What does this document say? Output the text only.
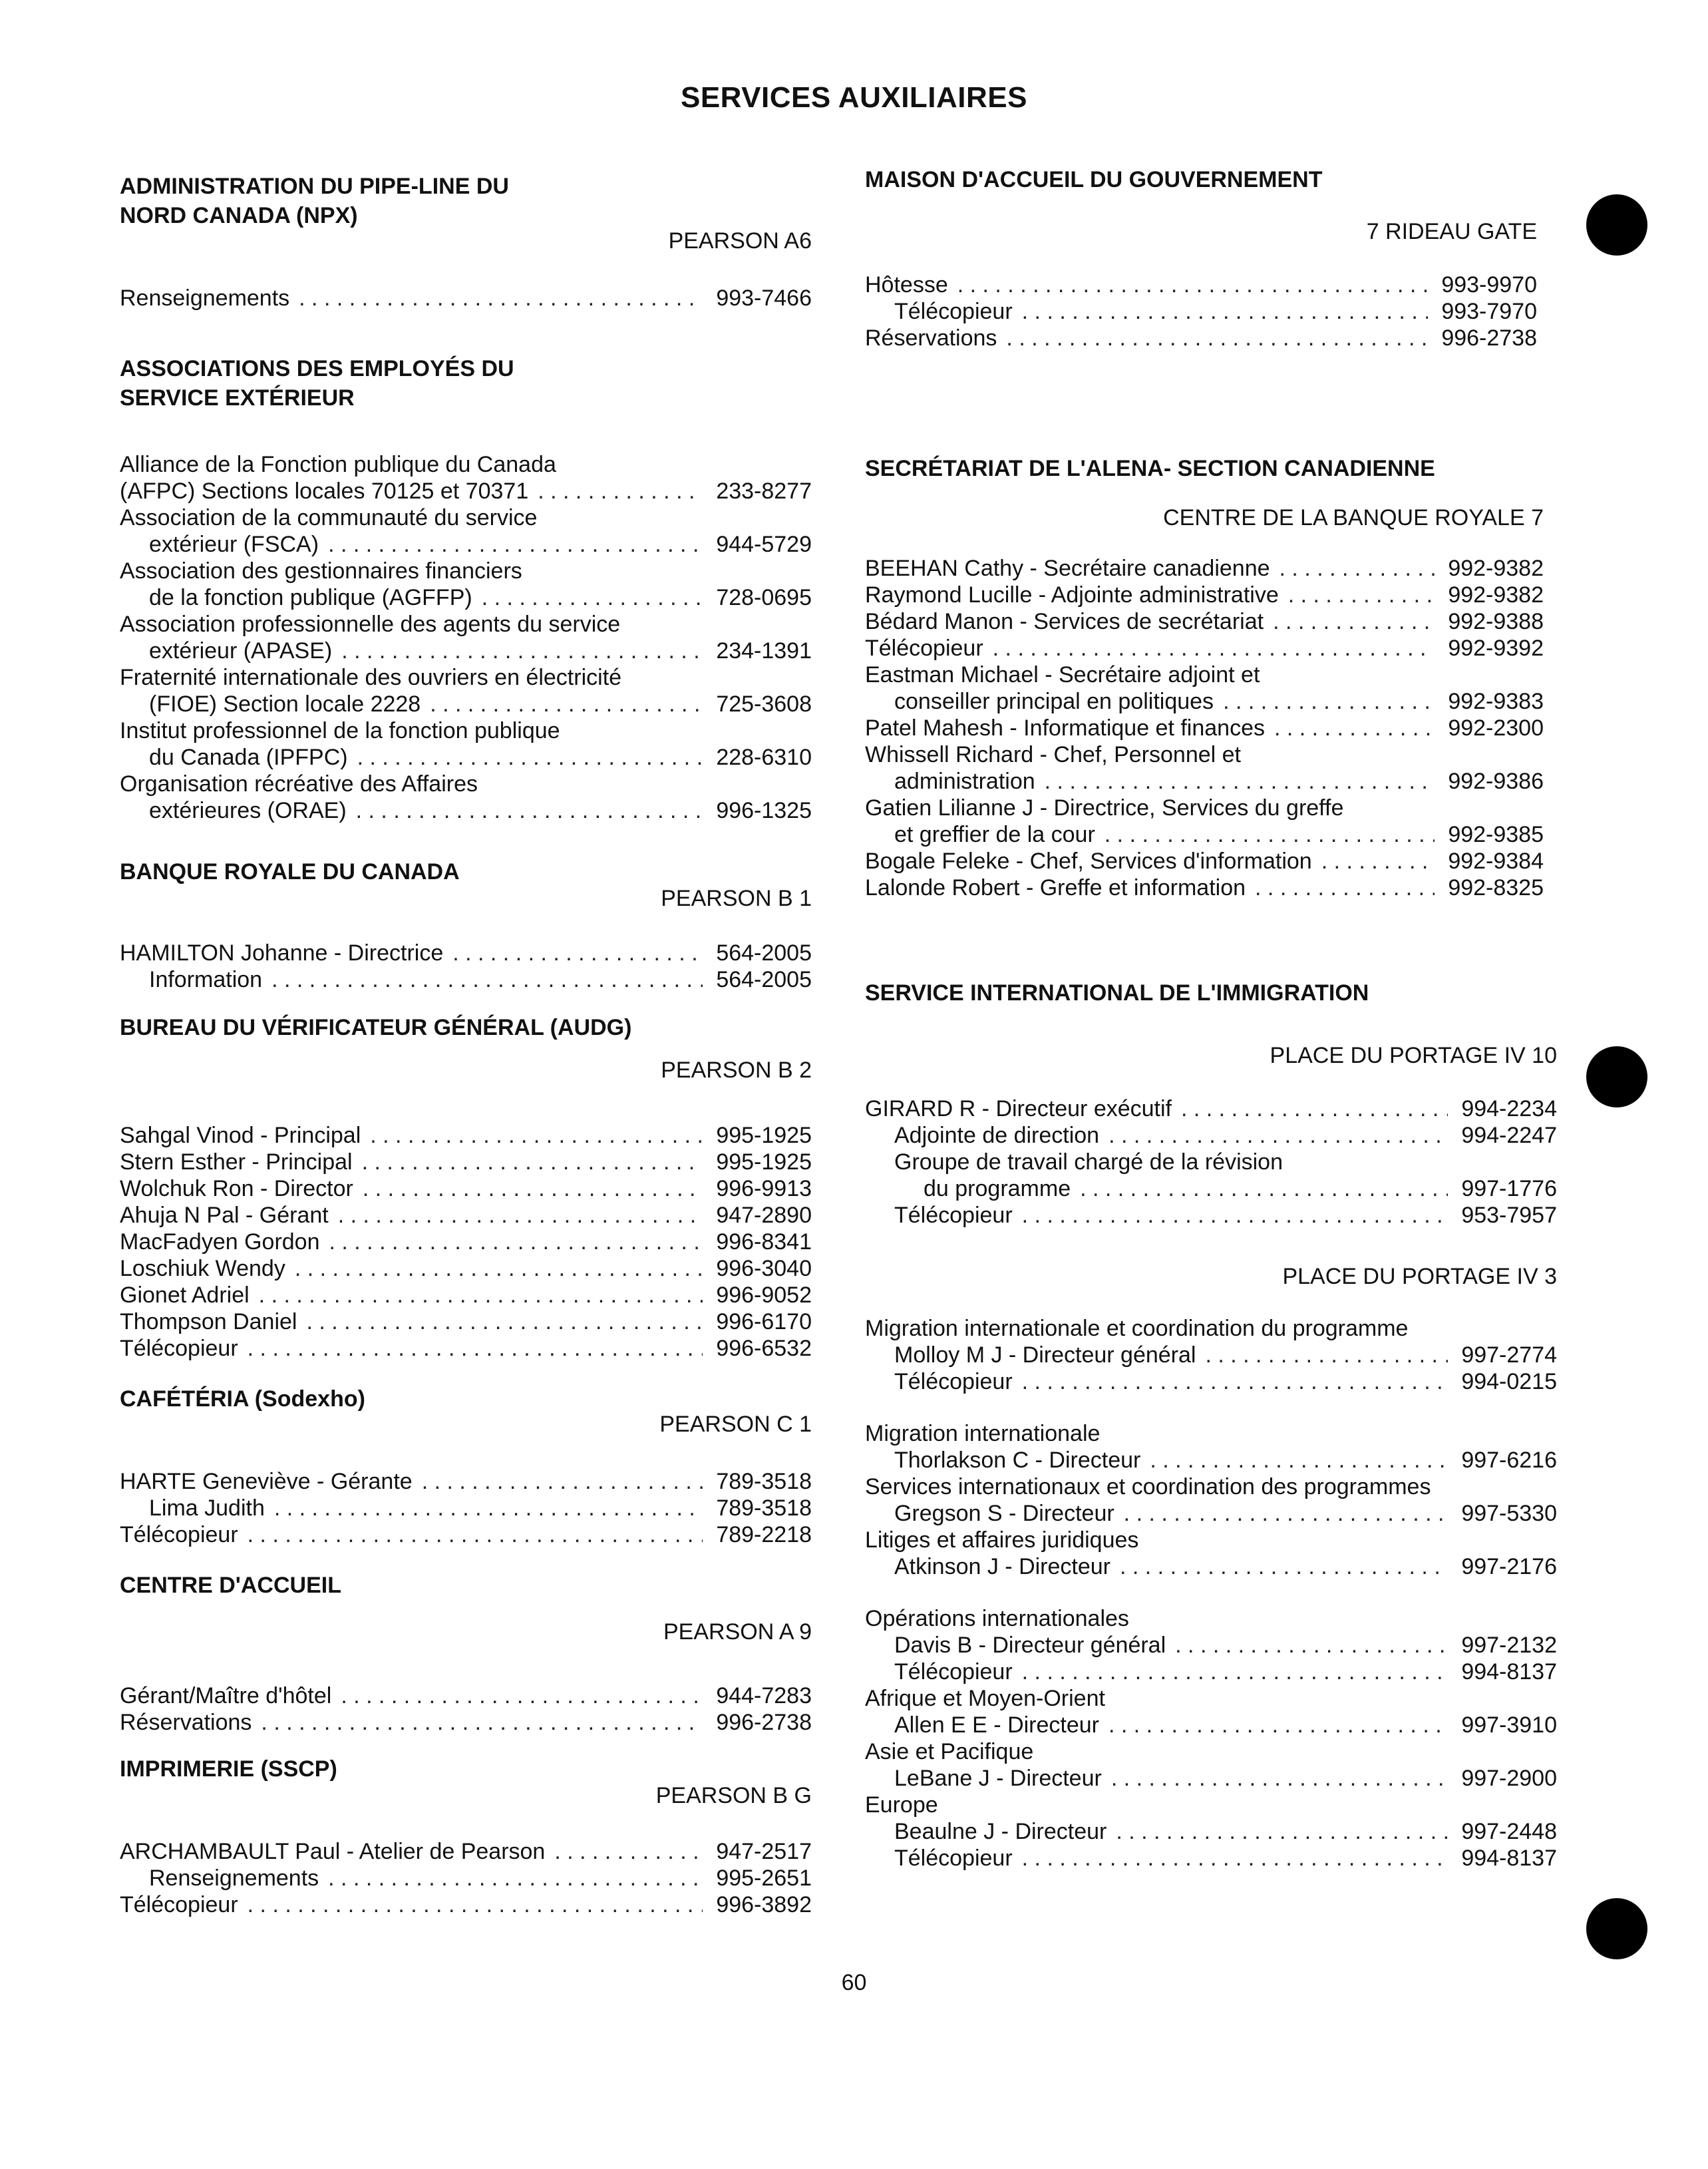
SERVICES AUXILIAIRES
ADMINISTRATION DU PIPE-LINE DU
NORD CANADA (NPX)
PEARSON A6
Renseignements . . .	993-7466
ASSOCIATIONS DES EMPLOYÉS DU
SERVICE EXTÉRIEUR
Alliance de la Fonction publique du Canada
(AFPC) Sections locales 70125 et 70371 . . .	233-8277
Association de la communauté du service
extérieur (FSCA) . . .	944-5729
Association des gestionnaires financiers
de la fonction publique (AGFFP) . . .	728-0695
Association professionnelle des agents du service
extérieur (APASE) . . .	234-1391
Fraternité internationale des ouvriers en électricité
(FIOE) Section locale 2228 . . .	725-3608
Institut professionnel de la fonction publique
du Canada (IPFPC) . . .	228-6310
Organisation récréative des Affaires
extérieures (ORAE) . . .	996-1325
BANQUE ROYALE DU CANADA
PEARSON B 1
HAMILTON Johanne - Directrice . . .	564-2005
Information . . .	564-2005
BUREAU DU VÉRIFICATEUR GÉNÉRAL (AUDG)
PEARSON B 2
Sahgal Vinod - Principal . . .	995-1925
Stern Esther - Principal . . .	995-1925
Wolchuk Ron - Director . . .	996-9913
Ahuja N Pal - Gérant . . .	947-2890
MacFadyen Gordon . . .	996-8341
Loschiuk Wendy . . .	996-3040
Gionet Adriel . . .	996-9052
Thompson Daniel . . .	996-6170
Télécopieur . . .	996-6532
CAFÉTÉRIA (Sodexho)
PEARSON C 1
HARTE Geneviève - Gérante . . .	789-3518
Lima Judith . . .	789-3518
Télécopieur . . .	789-2218
CENTRE D'ACCUEIL
PEARSON A 9
Gérant/Maître d'hôtel . . .	944-7283
Réservations . . .	996-2738
IMPRIMERIE (SSCP)
PEARSON B G
ARCHAMBAULT Paul - Atelier de Pearson . . .	947-2517
Renseignements . . .	995-2651
Télécopieur . . .	996-3892
MAISON D'ACCUEIL DU GOUVERNEMENT
7 RIDEAU GATE
Hôtesse . . .	993-9970
Télécopieur . . .	993-7970
Réservations . . .	996-2738
SECRÉTARIAT DE L'ALENA- SECTION CANADIENNE
CENTRE DE LA BANQUE ROYALE 7
BEEHAN Cathy - Secrétaire canadienne . . .	992-9382
Raymond Lucille - Adjointe administrative . . .	992-9382
Bédard Manon - Services de secrétariat . . .	992-9388
Télécopieur . . .	992-9392
Eastman Michael - Secrétaire adjoint et
conseiller principal en politiques . . .	992-9383
Patel Mahesh - Informatique et finances . . .	992-2300
Whissell Richard - Chef, Personnel et
administration . . .	992-9386
Gatien Lilianne J - Directrice, Services du greffe
et greffier de la cour . . .	992-9385
Bogale Feleke - Chef, Services d'information . . .	992-9384
Lalonde Robert - Greffe et information . . .	992-8325
SERVICE INTERNATIONAL DE L'IMMIGRATION
PLACE DU PORTAGE IV 10
GIRARD R - Directeur exécutif . . .	994-2234
Adjointe de direction . . .	994-2247
Groupe de travail chargé de la révision
du programme . . .	997-1776
Télécopieur . . .	953-7957
PLACE DU PORTAGE IV 3
Migration internationale et coordination du programme
Molloy M J - Directeur général . . .	997-2774
Télécopieur . . .	994-0215
Migration internationale
Thorlakson C - Directeur . . .	997-6216
Services internationaux et coordination des programmes
Gregson S - Directeur . . .	997-5330
Litiges et affaires juridiques
Atkinson J - Directeur . . .	997-2176
Opérations internationales
Davis B - Directeur général . . .	997-2132
Télécopieur . . .	994-8137
Afrique et Moyen-Orient
Allen E E - Directeur . . .	997-3910
Asie et Pacifique
LeBane J - Directeur . . .	997-2900
Europe
Beaulne J - Directeur . . .	997-2448
Télécopieur . . .	994-8137
60
